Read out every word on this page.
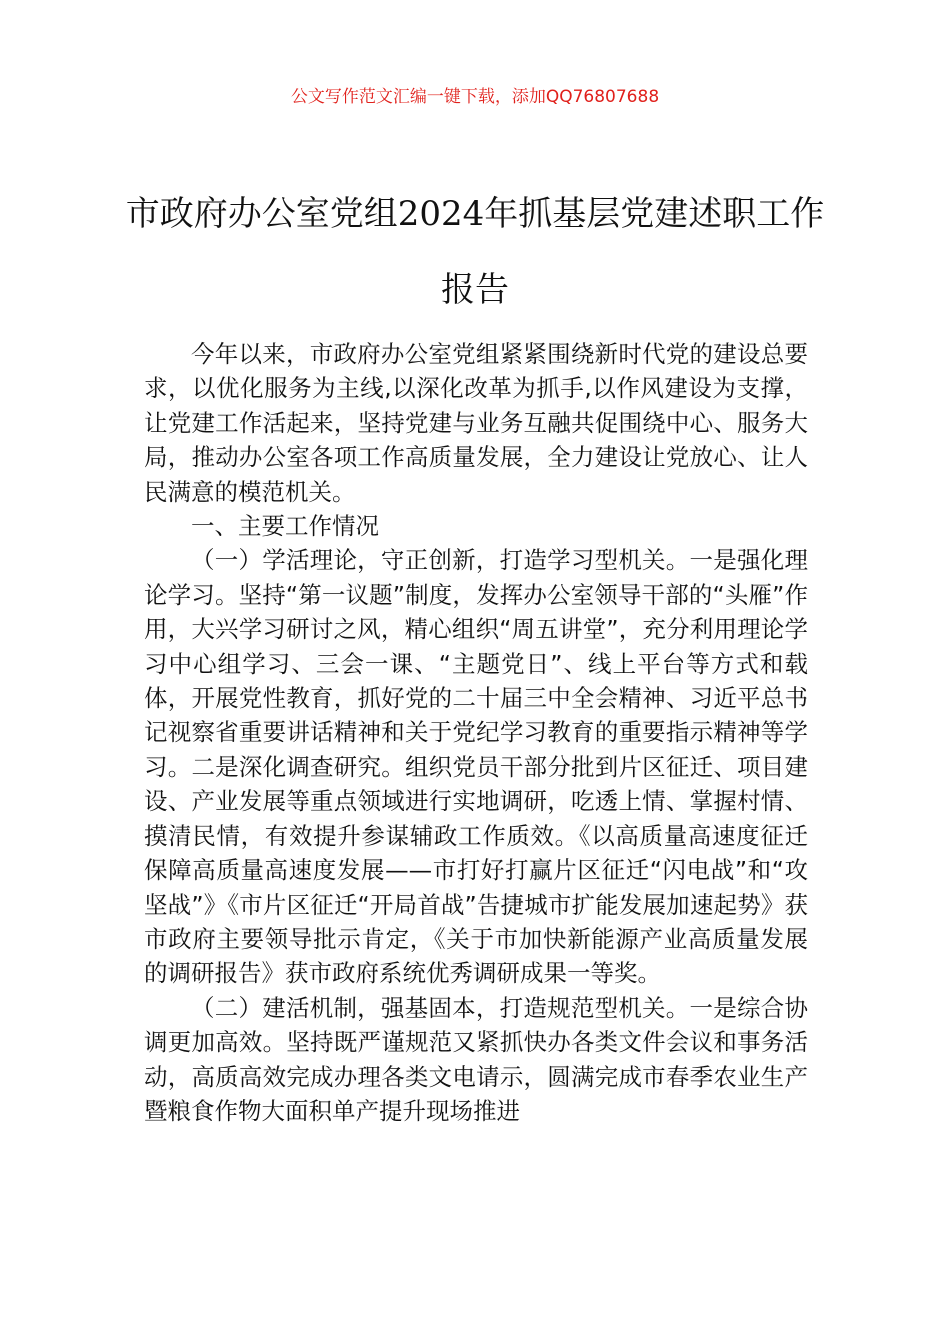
公文写作范文汇编一键下载，添加QQ76807688
市政府办公室党组2024年抓基层党建述职工作报告

今年以来，市政府办公室党组紧紧围绕新时代党的建设总要求，以优化服务为主线,以深化改革为抓手,以作风建设为支撑，让党建工作活起来，坚持党建与业务互融共促围绕中心、服务大局，推动办公室各项工作高质量发展，全力建设让党放心、让人民满意的模范机关。

一、主要工作情况

（一）学活理论，守正创新，打造学习型机关。一是强化理论学习。坚持“第一议题”制度，发挥办公室领导干部的“头雁”作用，大兴学习研讨之风，精心组织“周五讲堂”，充分利用理论学习中心组学习、三会一课、“主题党日”、线上平台等方式和载体，开展党性教育，抓好党的二十届三中全会精神、习近平总书记视察省重要讲话精神和关于党纪学习教育的重要指示精神等学习。二是深化调查研究。组织党员干部分批到片区征迁、项目建设、产业发展等重点领域进行实地调研，吃透上情、掌握村情、摸清民情，有效提升参谋辅政工作质效。《以高质量高速度征迁保障高质量高速度发展——市打好打赢片区征迁“闪电战”和“攻坚战”》《市片区征迁“开局首战”告捷城市扩能发展加速起势》获市政府主要领导批示肯定，《关于市加快新能源产业高质量发展的调研报告》获市政府系统优秀调研成果一等奖。

（二）建活机制，强基固本，打造规范型机关。一是综合协调更加高效。坚持既严谨规范又紧抓快办各类文件会议和事务活动，高质高效完成办理各类文电请示，圆满完成市春季农业生产暨粮食作物大面积单产提升现场推进
